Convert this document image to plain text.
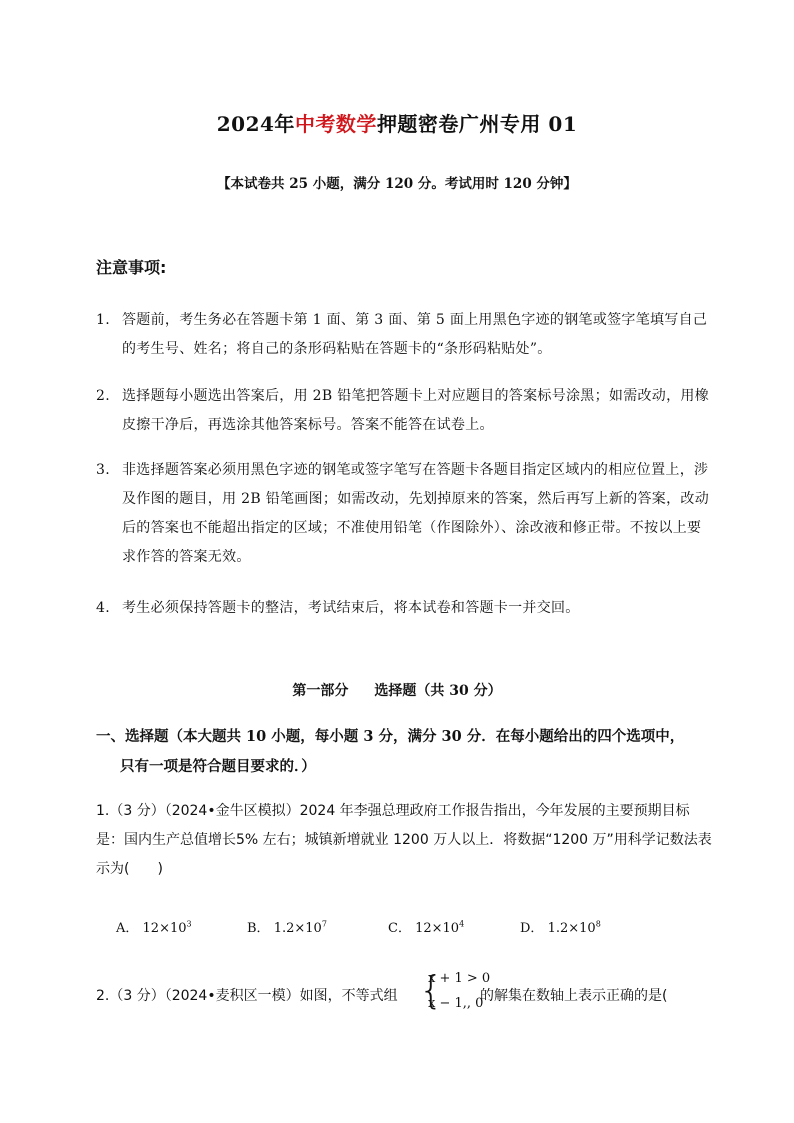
2024年中考数学押题密卷广州专用 01
【本试卷共 25 小题，满分 120 分。考试用时 120 分钟】
注意事项:
1. 答题前，考生务必在答题卡第 1 面、第 3 面、第 5 面上用黑色字迹的钢笔或签字笔填写自己的考生号、姓名；将自己的条形码粘贴在答题卡的“条形码粘贴处”。
2. 选择题每小题选出答案后，用 2B 铅笔把答题卡上对应题目的答案标号涂黑；如需改动，用橡皮擦干净后，再选涂其他答案标号。答案不能答在试卷上。
3. 非选择题答案必须用黑色字迹的钢笔或签字笔写在答题卡各题目指定区域内的相应位置上，涉及作图的题目，用 2B 铅笔画图；如需改动，先划掉原来的答案，然后再写上新的答案，改动后的答案也不能超出指定的区域；不准使用铅笔（作图除外）、涂改液和修正带。不按以上要求作答的答案无效。
4. 考生必须保持答题卡的整洁，考试结束后，将本试卷和答题卡一并交回。
第一部分 选择题（共 30 分）
一、选择题（本大题共 10 小题，每小题 3 分，满分 30 分．在每小题给出的四个选项中，
只有一项是符合题目要求的．）
1.（3 分）（2024•金牛区模拟）2024 年李强总理政府工作报告指出，今年发展的主要预期目标是：国内生产总值增长5% 左右；城镇新增就业 1200 万人以上．将数据“1200 万”用科学记数法表示为(　　)
A． $12\times 10^3$	B． $1.2\times 10^7$	C． $12\times 10^4$	D． $1.2\times 10^8$
2.（3 分）（2024•麦积区一模）如图，不等式组 {
x + 1 > 0
x − 1,, 0
的解集在数轴上表示正确的是(
